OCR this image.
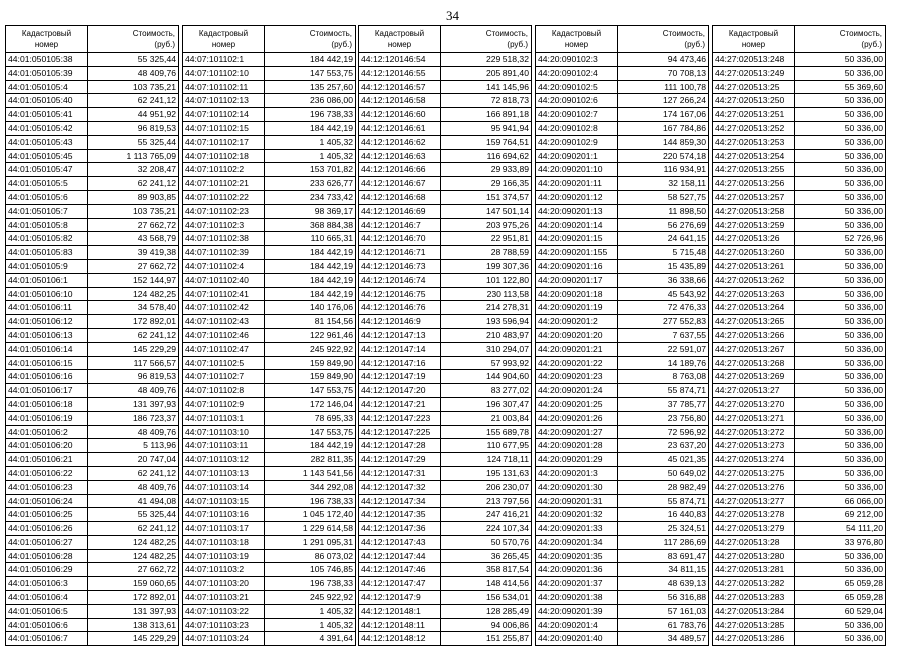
34
Кадастровый
номер	Стоимость,
(руб.)
44:01:050105:38	55 325,44
44:01:050105:39	48 409,76
44:01:050105:4	103 735,21
44:01:050105:40	62 241,12
44:01:050105:41	44 951,92
44:01:050105:42	96 819,53
44:01:050105:43	55 325,44
44:01:050105:45	1 113 765,09
44:01:050105:47	32 208,47
44:01:050105:5	62 241,12
44:01:050105:6	89 903,85
44:01:050105:7	103 735,21
44:01:050105:8	27 662,72
44:01:050105:82	43 568,79
44:01:050105:83	39 419,38
44:01:050105:9	27 662,72
44:01:050106:1	152 144,97
44:01:050106:10	124 482,25
44:01:050106:11	34 578,40
44:01:050106:12	172 892,01
44:01:050106:13	62 241,12
44:01:050106:14	145 229,29
44:01:050106:15	117 566,57
44:01:050106:16	96 819,53
44:01:050106:17	48 409,76
44:01:050106:18	131 397,93
44:01:050106:19	186 723,37
44:01:050106:2	48 409,76
44:01:050106:20	5 113,96
44:01:050106:21	20 747,04
44:01:050106:22	62 241,12
44:01:050106:23	48 409,76
44:01:050106:24	41 494,08
44:01:050106:25	55 325,44
44:01:050106:26	62 241,12
44:01:050106:27	124 482,25
44:01:050106:28	124 482,25
44:01:050106:29	27 662,72
44:01:050106:3	159 060,65
44:01:050106:4	172 892,01
44:01:050106:5	131 397,93
44:01:050106:6	138 313,61
44:01:050106:7	145 229,29
Кадастровый
номер	Стоимость,
(руб.)
44:07:101102:1	184 442,19
44:07:101102:10	147 553,75
44:07:101102:11	135 257,60
44:07:101102:13	236 086,00
44:07:101102:14	196 738,33
44:07:101102:15	184 442,19
44:07:101102:17	1 405,32
44:07:101102:18	1 405,32
44:07:101102:2	153 701,82
44:07:101102:21	233 626,77
44:07:101102:22	234 733,42
44:07:101102:23	98 369,17
44:07:101102:3	368 884,38
44:07:101102:38	110 665,31
44:07:101102:39	184 442,19
44:07:101102:4	184 442,19
44:07:101102:40	184 442,19
44:07:101102:41	184 442,19
44:07:101102:42	140 176,06
44:07:101102:43	81 154,56
44:07:101102:46	122 961,46
44:07:101102:47	245 922,92
44:07:101102:5	159 849,90
44:07:101102:7	159 849,90
44:07:101102:8	147 553,75
44:07:101102:9	172 146,04
44:07:101103:1	78 695,33
44:07:101103:10	147 553,75
44:07:101103:11	184 442,19
44:07:101103:12	282 811,35
44:07:101103:13	1 143 541,56
44:07:101103:14	344 292,08
44:07:101103:15	196 738,33
44:07:101103:16	1 045 172,40
44:07:101103:17	1 229 614,58
44:07:101103:18	1 291 095,31
44:07:101103:19	86 073,02
44:07:101103:2	105 746,85
44:07:101103:20	196 738,33
44:07:101103:21	245 922,92
44:07:101103:22	1 405,32
44:07:101103:23	1 405,32
44:07:101103:24	4 391,64
Кадастровый
номер	Стоимость,
(руб.)
44:12:120146:54	229 518,32
44:12:120146:55	205 891,40
44:12:120146:57	141 145,96
44:12:120146:58	72 818,73
44:12:120146:60	166 891,18
44:12:120146:61	95 941,94
44:12:120146:62	159 764,51
44:12:120146:63	116 694,62
44:12:120146:66	29 933,89
44:12:120146:67	29 166,35
44:12:120146:68	151 374,57
44:12:120146:69	147 501,14
44:12:120146:7	203 975,26
44:12:120146:70	22 951,81
44:12:120146:71	28 788,59
44:12:120146:73	199 307,36
44:12:120146:74	101 122,80
44:12:120146:75	230 113,58
44:12:120146:76	214 278,31
44:12:120146:9	193 596,94
44:12:120147:13	210 483,97
44:12:120147:14	310 294,07
44:12:120147:16	57 993,92
44:12:120147:19	144 904,60
44:12:120147:20	83 277,02
44:12:120147:21	196 307,47
44:12:120147:223	21 003,84
44:12:120147:225	155 689,78
44:12:120147:28	110 677,95
44:12:120147:29	124 718,11
44:12:120147:31	195 131,63
44:12:120147:32	206 230,07
44:12:120147:34	213 797,56
44:12:120147:35	247 416,21
44:12:120147:36	224 107,34
44:12:120147:43	50 570,76
44:12:120147:44	36 265,45
44:12:120147:46	358 817,54
44:12:120147:47	148 414,56
44:12:120147:9	156 534,01
44:12:120148:1	128 285,49
44:12:120148:11	94 006,86
44:12:120148:12	151 255,87
Кадастровый
номер	Стоимость,
(руб.)
44:20:090102:3	94 473,46
44:20:090102:4	70 708,13
44:20:090102:5	111 100,78
44:20:090102:6	127 266,24
44:20:090102:7	174 167,06
44:20:090102:8	167 784,86
44:20:090102:9	144 859,30
44:20:090201:1	220 574,18
44:20:090201:10	116 934,91
44:20:090201:11	32 158,11
44:20:090201:12	58 527,75
44:20:090201:13	11 898,50
44:20:090201:14	56 276,69
44:20:090201:15	24 641,15
44:20:090201:155	5 715,48
44:20:090201:16	15 435,89
44:20:090201:17	36 338,66
44:20:090201:18	45 543,92
44:20:090201:19	72 476,33
44:20:090201:2	277 552,83
44:20:090201:20	7 637,55
44:20:090201:21	22 591,07
44:20:090201:22	14 189,76
44:20:090201:23	8 763,08
44:20:090201:24	55 874,71
44:20:090201:25	37 785,77
44:20:090201:26	23 756,80
44:20:090201:27	72 596,92
44:20:090201:28	23 637,20
44:20:090201:29	45 021,35
44:20:090201:3	50 649,02
44:20:090201:30	28 982,49
44:20:090201:31	55 874,71
44:20:090201:32	16 440,83
44:20:090201:33	25 324,51
44:20:090201:34	117 286,69
44:20:090201:35	83 691,47
44:20:090201:36	34 811,15
44:20:090201:37	48 639,13
44:20:090201:38	56 316,88
44:20:090201:39	57 161,03
44:20:090201:4	61 783,76
44:20:090201:40	34 489,57
Кадастровый
номер	Стоимость,
(руб.)
44:27:020513:248	50 336,00
44:27:020513:249	50 336,00
44:27:020513:25	55 369,60
44:27:020513:250	50 336,00
44:27:020513:251	50 336,00
44:27:020513:252	50 336,00
44:27:020513:253	50 336,00
44:27:020513:254	50 336,00
44:27:020513:255	50 336,00
44:27:020513:256	50 336,00
44:27:020513:257	50 336,00
44:27:020513:258	50 336,00
44:27:020513:259	50 336,00
44:27:020513:26	52 726,96
44:27:020513:260	50 336,00
44:27:020513:261	50 336,00
44:27:020513:262	50 336,00
44:27:020513:263	50 336,00
44:27:020513:264	50 336,00
44:27:020513:265	50 336,00
44:27:020513:266	50 336,00
44:27:020513:267	50 336,00
44:27:020513:268	50 336,00
44:27:020513:269	50 336,00
44:27:020513:27	50 336,00
44:27:020513:270	50 336,00
44:27:020513:271	50 336,00
44:27:020513:272	50 336,00
44:27:020513:273	50 336,00
44:27:020513:274	50 336,00
44:27:020513:275	50 336,00
44:27:020513:276	50 336,00
44:27:020513:277	66 066,00
44:27:020513:278	69 212,00
44:27:020513:279	54 111,20
44:27:020513:28	33 976,80
44:27:020513:280	50 336,00
44:27:020513:281	50 336,00
44:27:020513:282	65 059,28
44:27:020513:283	65 059,28
44:27:020513:284	60 529,04
44:27:020513:285	50 336,00
44:27:020513:286	50 336,00
